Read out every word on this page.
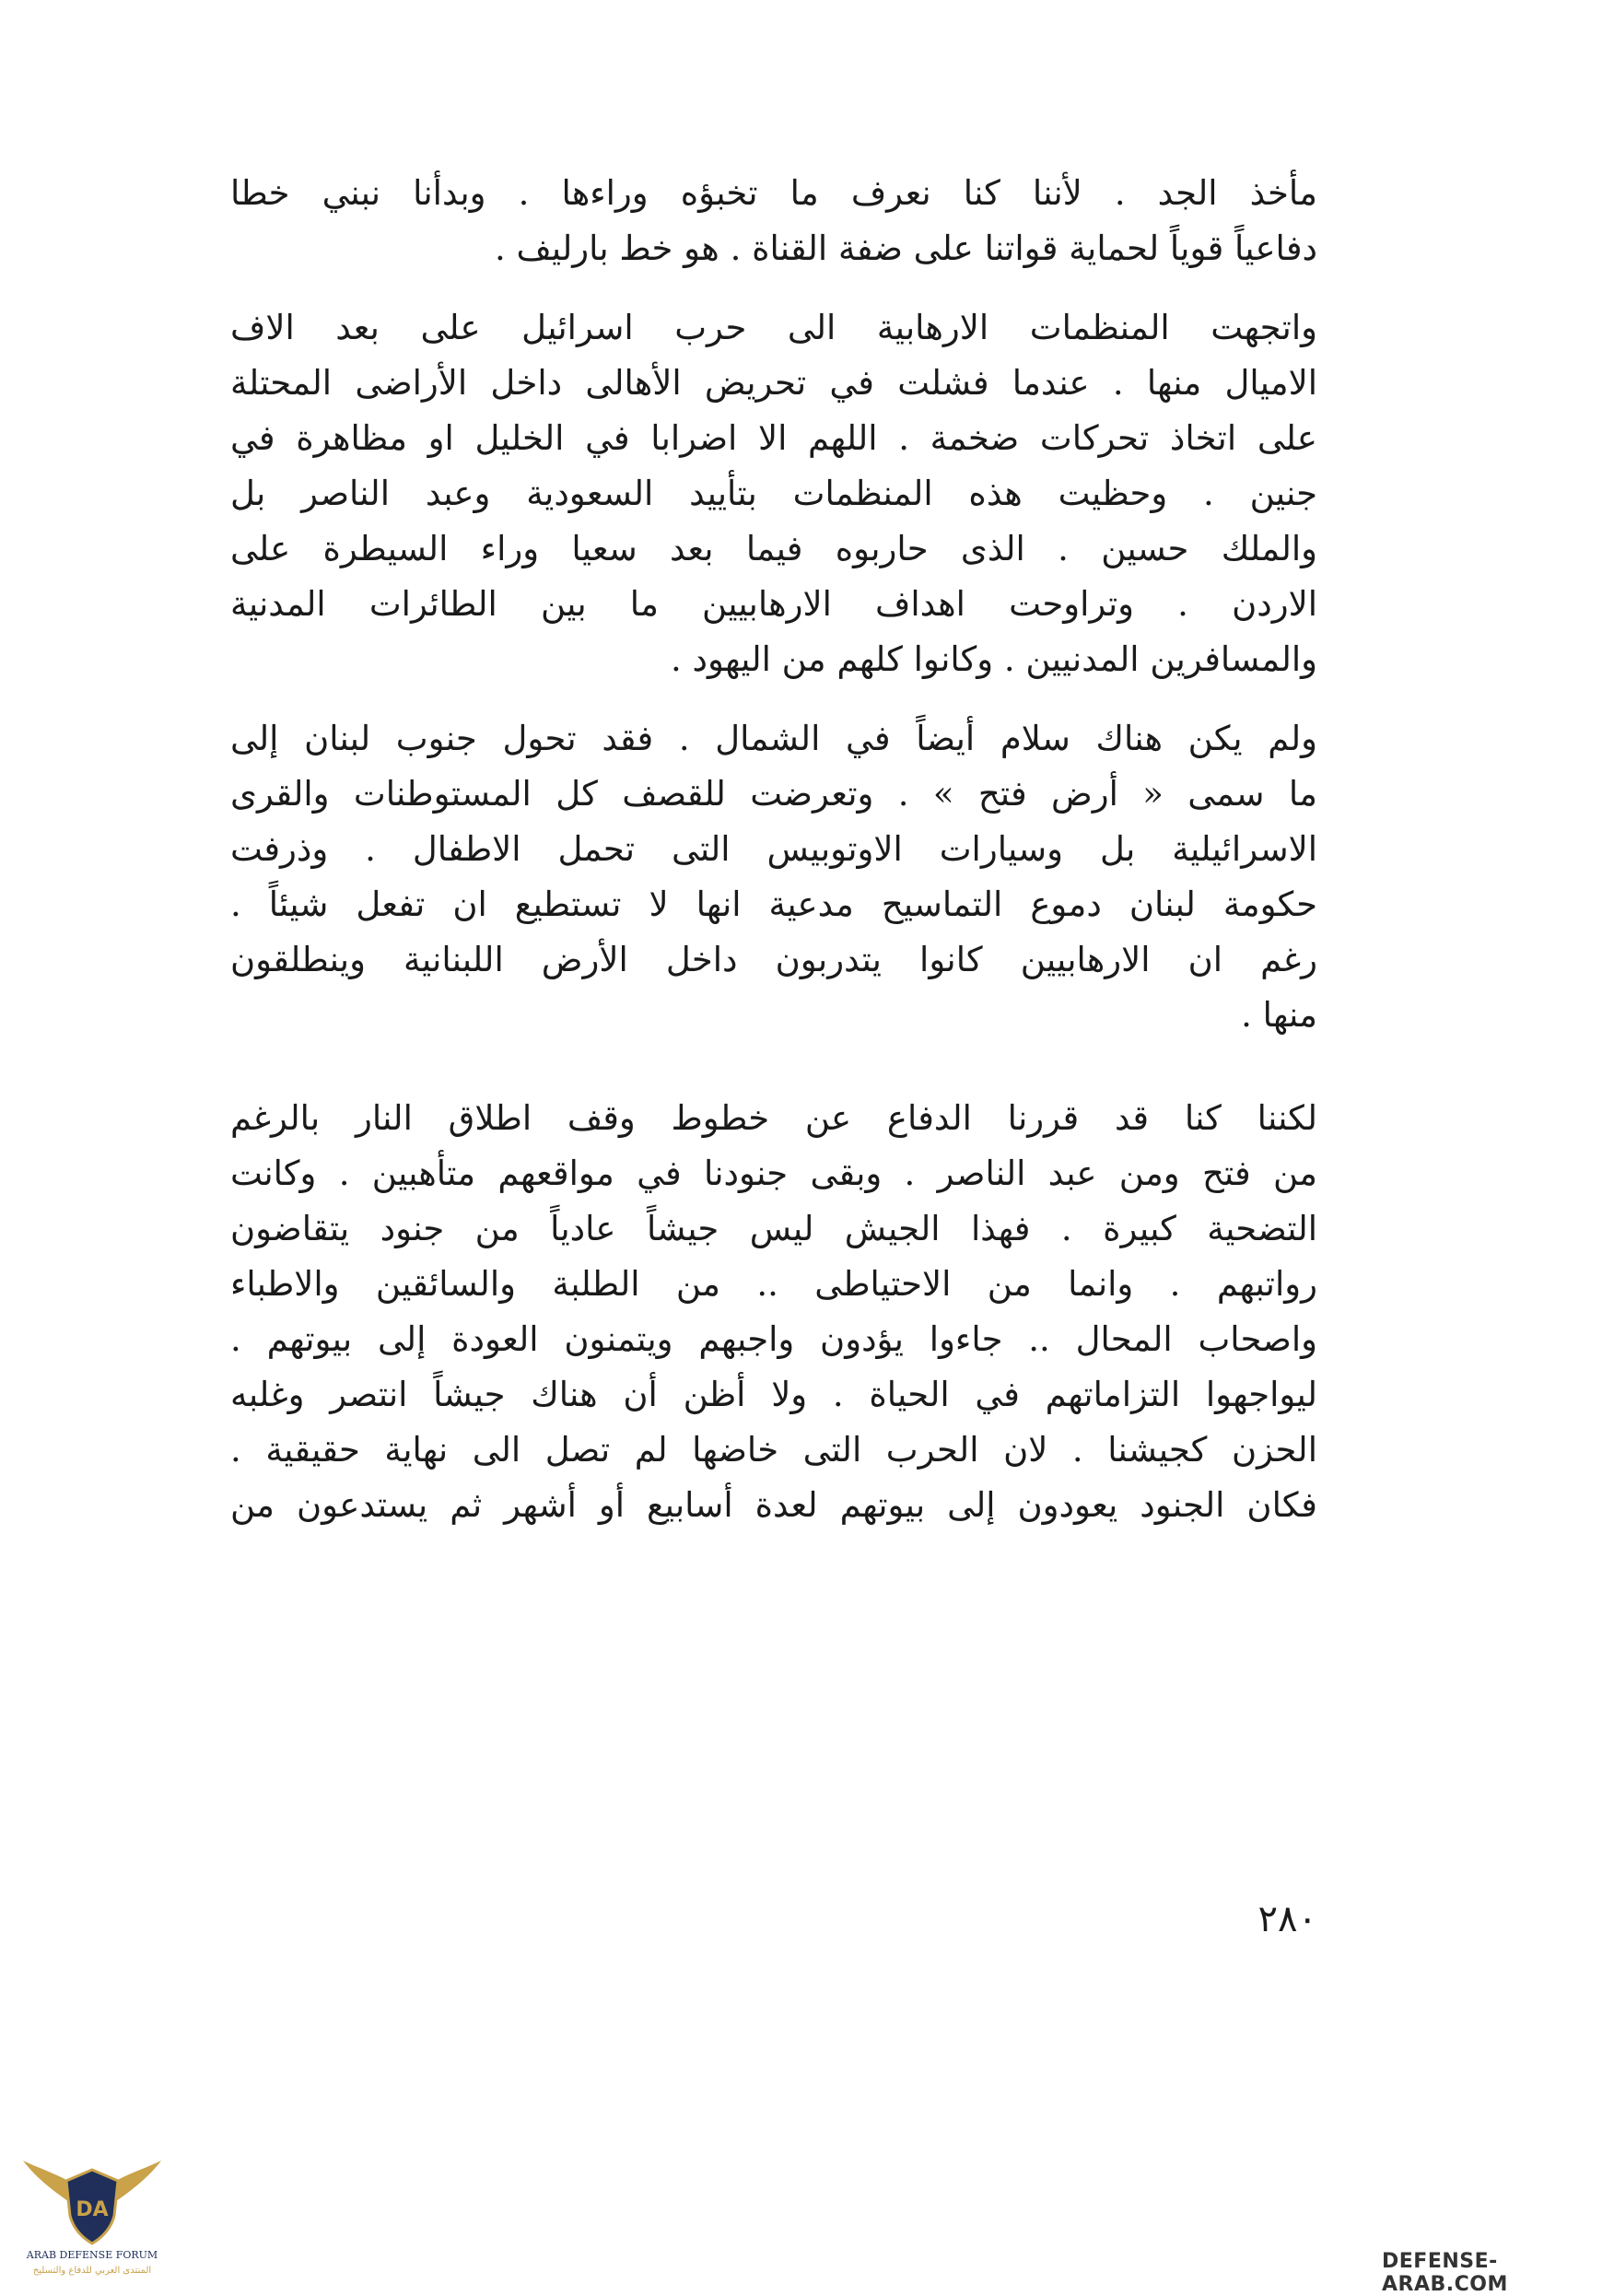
مأخذ الجد . لأننا كنا نعرف ما تخبؤه وراءها . وبدأنا نبني خطا
دفاعياً قوياً لحماية قواتنا على ضفة القناة . هو خط بارليف .

واتجهت المنظمات الارهابية الى حرب اسرائيل على بعد الاف
الاميال منها . عندما فشلت في تحريض الأهالى داخل الأراضى المحتلة
على اتخاذ تحركات ضخمة . اللهم الا اضرابا في الخليل او مظاهرة في
جنين . وحظيت هذه المنظمات بتأييد السعودية وعبد الناصر بل
والملك حسين . الذى حاربوه فيما بعد سعيا وراء السيطرة على
الاردن . وتراوحت اهداف الارهابيين ما بين الطائرات المدنية
والمسافرين المدنيين . وكانوا كلهم من اليهود .

ولم يكن هناك سلام أيضاً في الشمال . فقد تحول جنوب لبنان إلى
ما سمى « أرض فتح » . وتعرضت للقصف كل المستوطنات والقرى
الاسرائيلية بل وسيارات الاوتوبيس التى تحمل الاطفال . وذرفت
حكومة لبنان دموع التماسيح مدعية انها لا تستطيع ان تفعل شيئاً .
رغم ان الارهابيين كانوا يتدربون داخل الأرض اللبنانية وينطلقون
منها .

لكننا كنا قد قررنا الدفاع عن خطوط وقف اطلاق النار بالرغم
من فتح ومن عبد الناصر . وبقى جنودنا في مواقعهم متأهبين . وكانت
التضحية كبيرة . فهذا الجيش ليس جيشاً عادياً من جنود يتقاضون
رواتبهم . وانما من الاحتياطى .. من الطلبة والسائقين والاطباء
واصحاب المحال .. جاءوا يؤدون واجبهم ويتمنون العودة إلى بيوتهم .
ليواجهوا التزاماتهم في الحياة . ولا أظن أن هناك جيشاً انتصر وغلبه
الحزن كجيشنا . لان الحرب التى خاضها لم تصل الى نهاية حقيقية .
فكان الجنود يعودون إلى بيوتهم لعدة أسابيع أو أشهر ثم يستدعون من

٢٨٠
DA
ARAB DEFENSE FORUM
المنتدى العربي للدفاع والتسليح	DEFENSE-ARAB.COM
